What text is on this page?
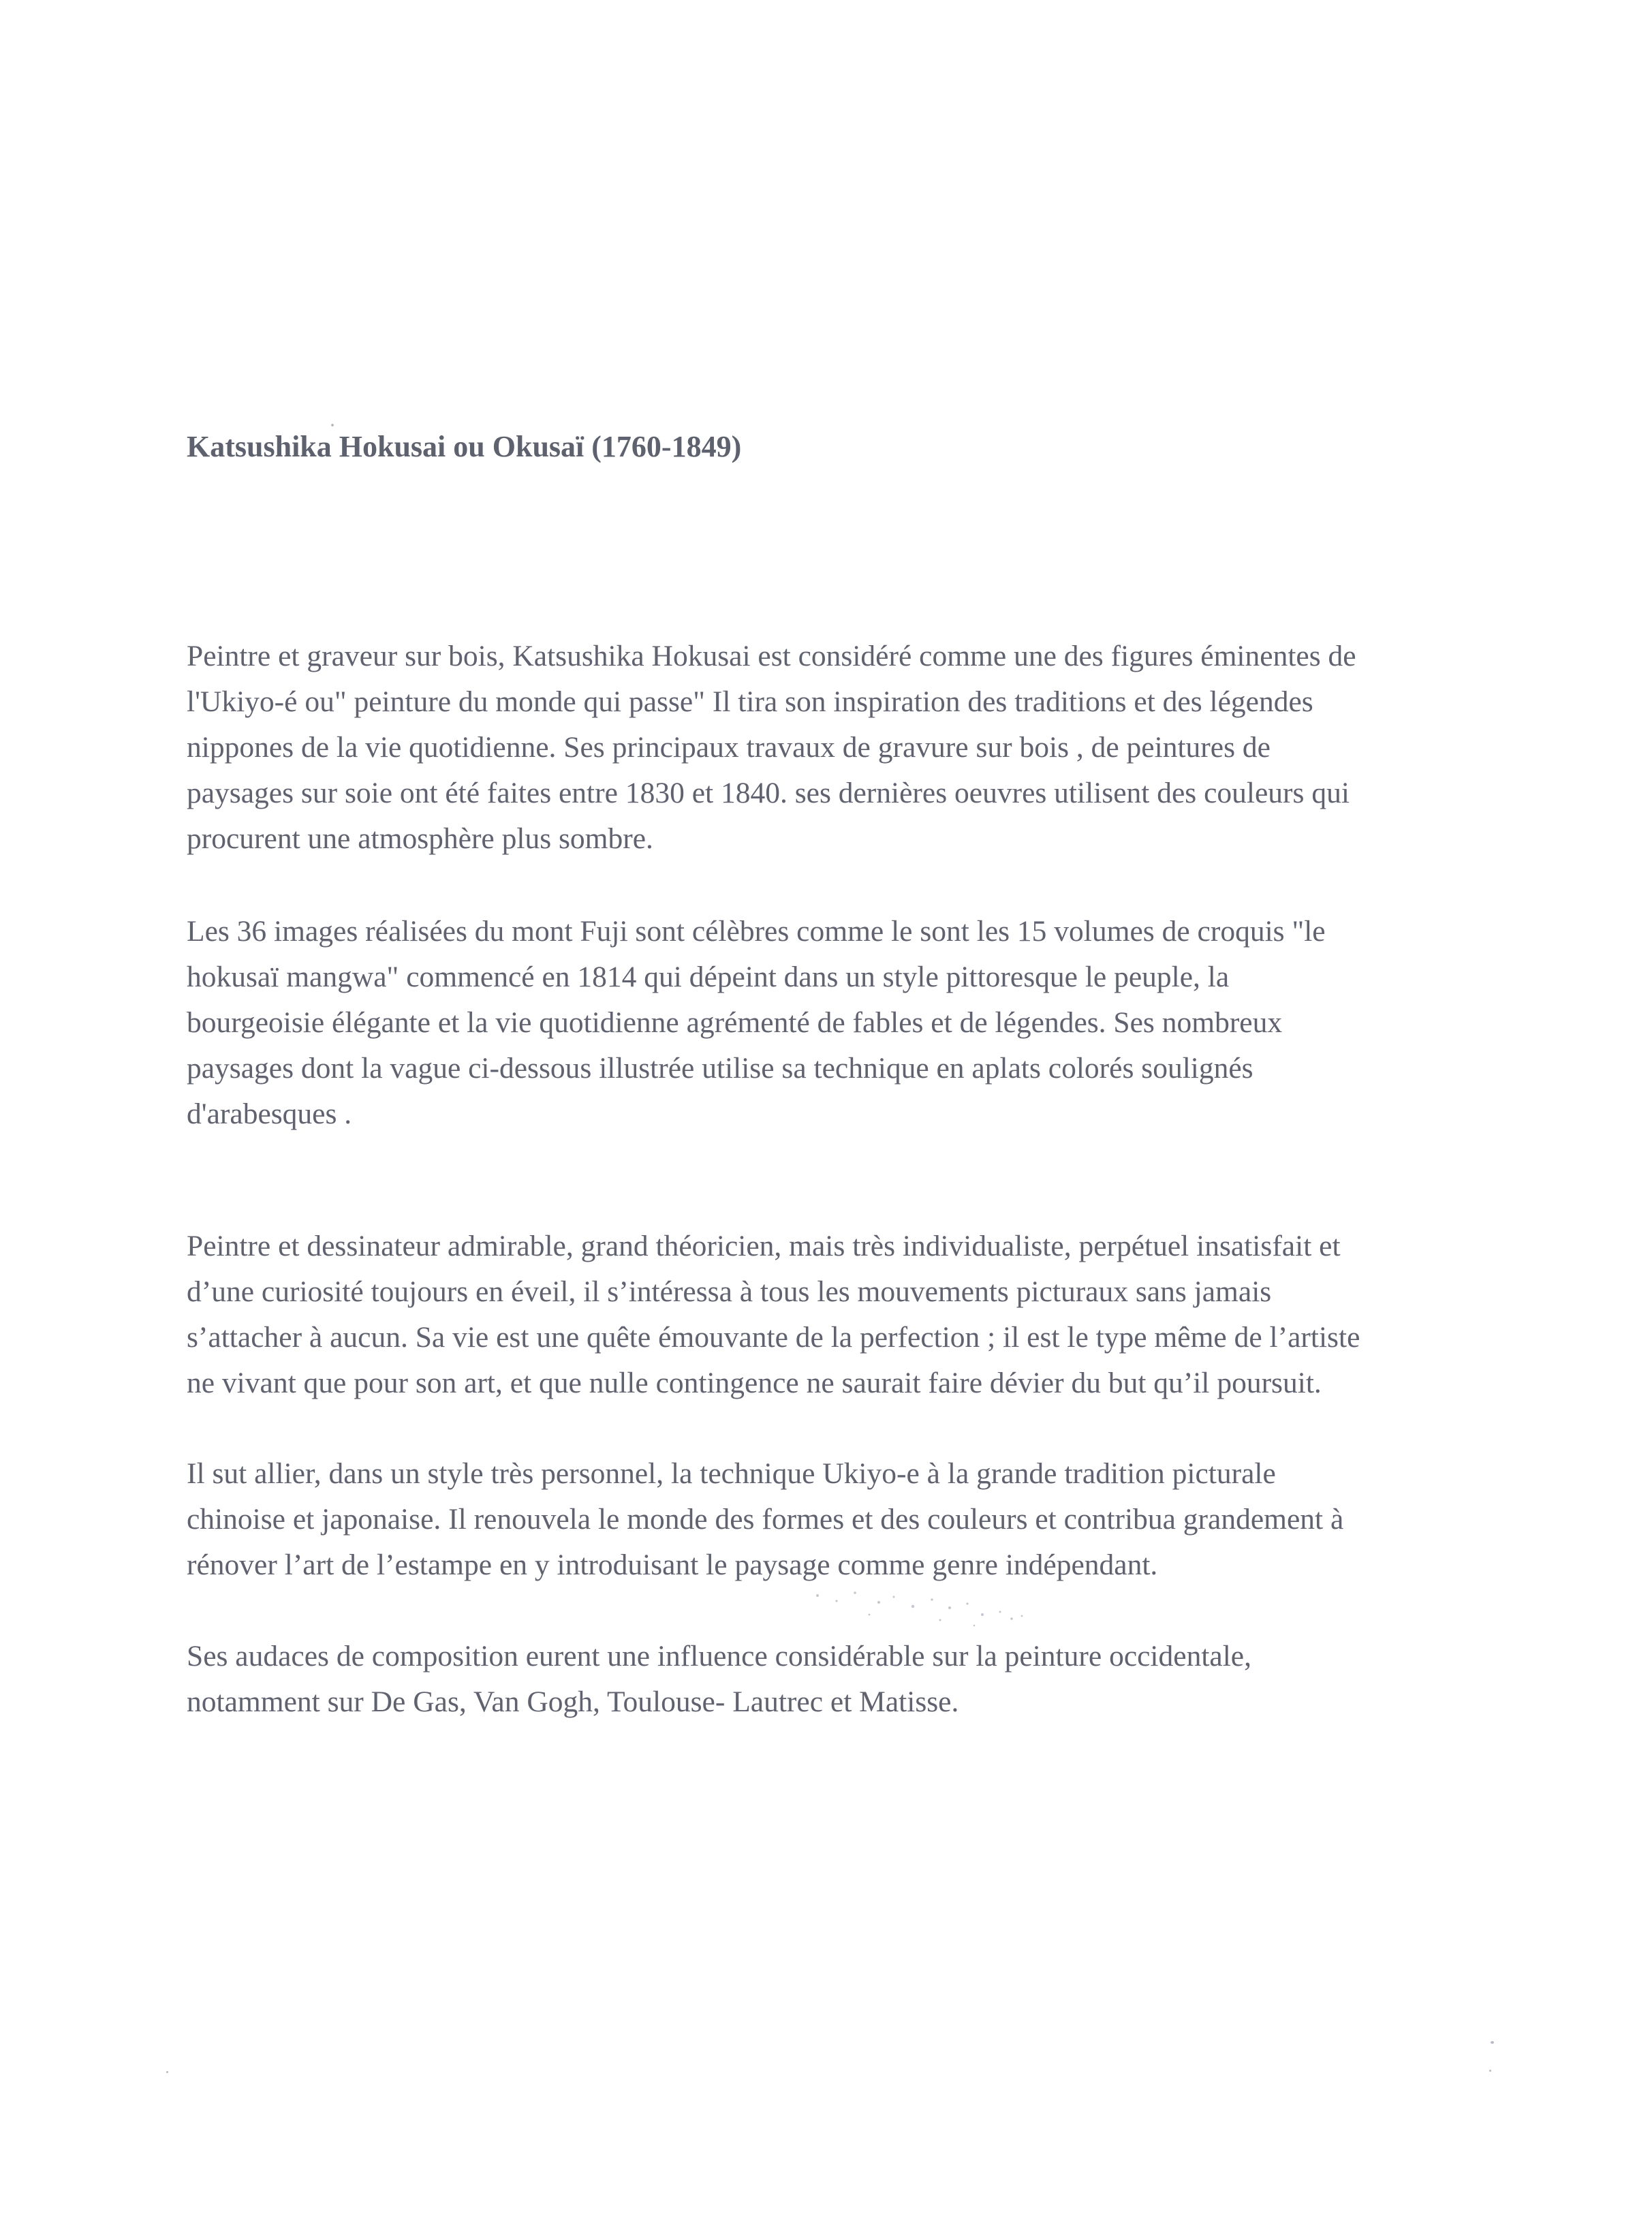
Katsushika Hokusai ou Okusaï (1760-1849)
Peintre et graveur sur bois, Katsushika Hokusai est considéré comme une des figures éminentes de
l'Ukiyo-é ou" peinture du monde qui passe" Il tira son inspiration des traditions et des légendes
nippones de la vie quotidienne. Ses principaux travaux de gravure sur bois , de peintures de
paysages sur soie ont été faites entre 1830 et 1840. ses dernières oeuvres utilisent des couleurs qui
procurent une atmosphère plus sombre.
Les 36 images réalisées du mont Fuji sont célèbres comme le sont les 15 volumes de croquis "le
hokusaï mangwa" commencé en 1814 qui dépeint dans un style pittoresque le peuple, la
bourgeoisie élégante et la vie quotidienne agrémenté de fables et de légendes. Ses nombreux
paysages dont la vague ci-dessous illustrée utilise sa technique en aplats colorés soulignés
d'arabesques .
Peintre et dessinateur admirable, grand théoricien, mais très individualiste, perpétuel insatisfait et
d’une curiosité toujours en éveil, il s’intéressa à tous les mouvements picturaux sans jamais
s’attacher à aucun. Sa vie est une quête émouvante de la perfection ; il est le type même de l’artiste
ne vivant que pour son art, et que nulle contingence ne saurait faire dévier du but qu’il poursuit.
Il sut allier, dans un style très personnel, la technique Ukiyo-e à la grande tradition picturale
chinoise et japonaise. Il renouvela le monde des formes et des couleurs et contribua grandement à
rénover l’art de l’estampe en y introduisant le paysage comme genre indépendant.
Ses audaces de composition eurent une influence considérable sur la peinture occidentale,
notamment sur De Gas, Van Gogh, Toulouse- Lautrec et Matisse.
